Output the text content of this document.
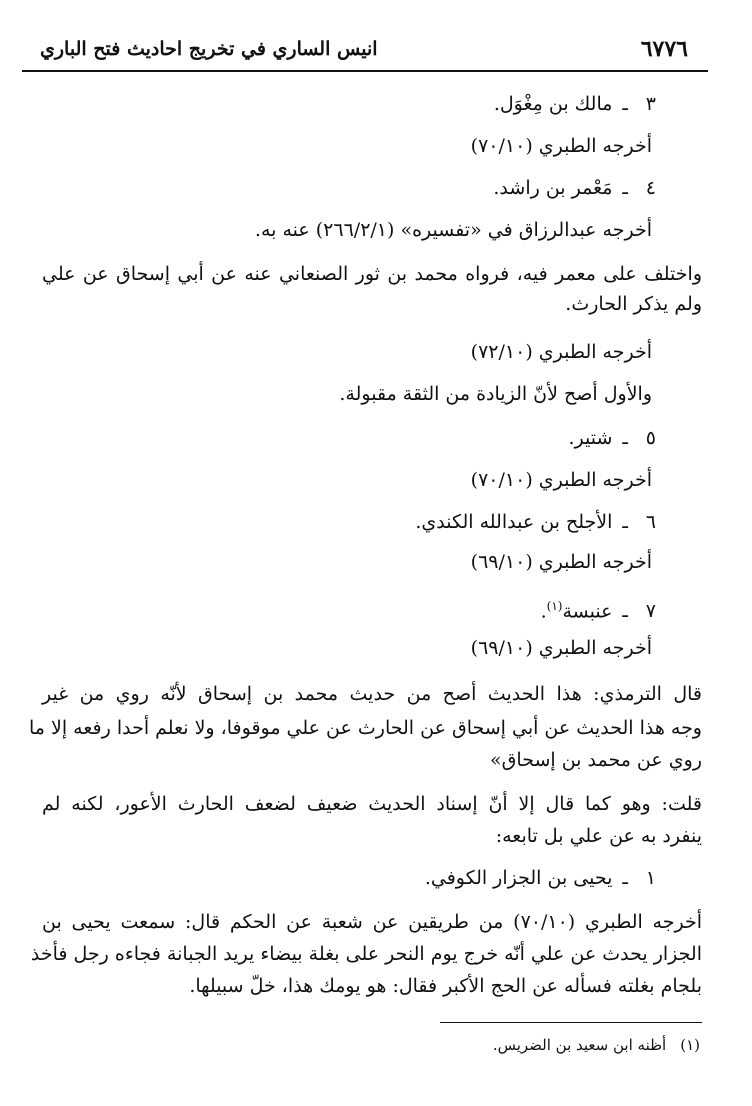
٦٧٧٦
انيس الساري في تخريج احاديث فتح الباري
٣ـمالك بن مِغْوَل.
أخرجه الطبري (٧٠/١٠)
٤ـمَعْمر بن راشد.
أخرجه عبدالرزاق في «تفسيره» (٢٦٦/٢/١) عنه به.
واختلف على معمر فيه، فرواه محمد بن ثور الصنعاني عنه عن أبي إسحاق عن علي
ولم يذكر الحارث.
أخرجه الطبري (٧٢/١٠)
والأول أصح لأنّ الزيادة من الثقة مقبولة.
٥ـشتير.
أخرجه الطبري (٧٠/١٠)
٦ـالأجلح بن عبدالله الكندي.
أخرجه الطبري (٦٩/١٠)
٧ـعنبسة$^{(١)}$.
أخرجه الطبري (٦٩/١٠)
قال الترمذي: هذا الحديث أصح من حديث محمد بن إسحاق لأنّه روي من غير
وجه هذا الحديث عن أبي إسحاق عن الحارث عن علي موقوفا، ولا نعلم أحدا رفعه إلا ما
روي عن محمد بن إسحاق»
قلت: وهو كما قال إلا أنّ إسناد الحديث ضعيف لضعف الحارث الأعور، لكنه لم
ينفرد به عن علي بل تابعه:
١ـيحيى بن الجزار الكوفي.
أخرجه الطبري (٧٠/١٠) من طريقين عن شعبة عن الحكم قال: سمعت يحيى بن
الجزار يحدث عن علي أنّه خرج يوم النحر على بغلة بيضاء يريد الجبانة فجاءه رجل فأخذ
بلجام بغلته فسأله عن الحج الأكبر فقال: هو يومك هذا، خلّ سبيلها.
(١)أظنه ابن سعيد بن الضريس.
